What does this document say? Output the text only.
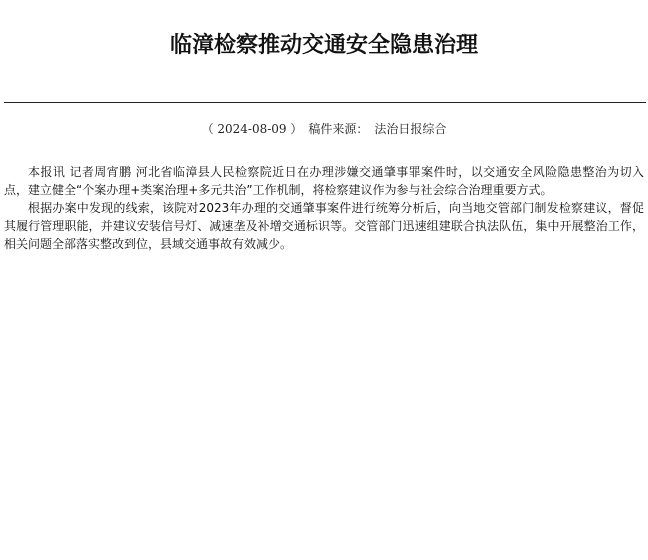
临漳检察推动交通安全隐患治理
（ 2024-08-09 ） 稿件来源： 法治日报综合

本报讯 记者周宵鹏 河北省临漳县人民检察院近日在办理涉嫌交通肇事罪案件时，以交通安全风险隐患整治为切入点，建立健全“个案办理+类案治理+多元共治”工作机制，将检察建议作为参与社会综合治理重要方式。

根据办案中发现的线索，该院对2023年办理的交通肇事案件进行统筹分析后，向当地交管部门制发检察建议，督促其履行管理职能，并建议安装信号灯、减速垄及补增交通标识等。交管部门迅速组建联合执法队伍，集中开展整治工作，相关问题全部落实整改到位，县域交通事故有效减少。
